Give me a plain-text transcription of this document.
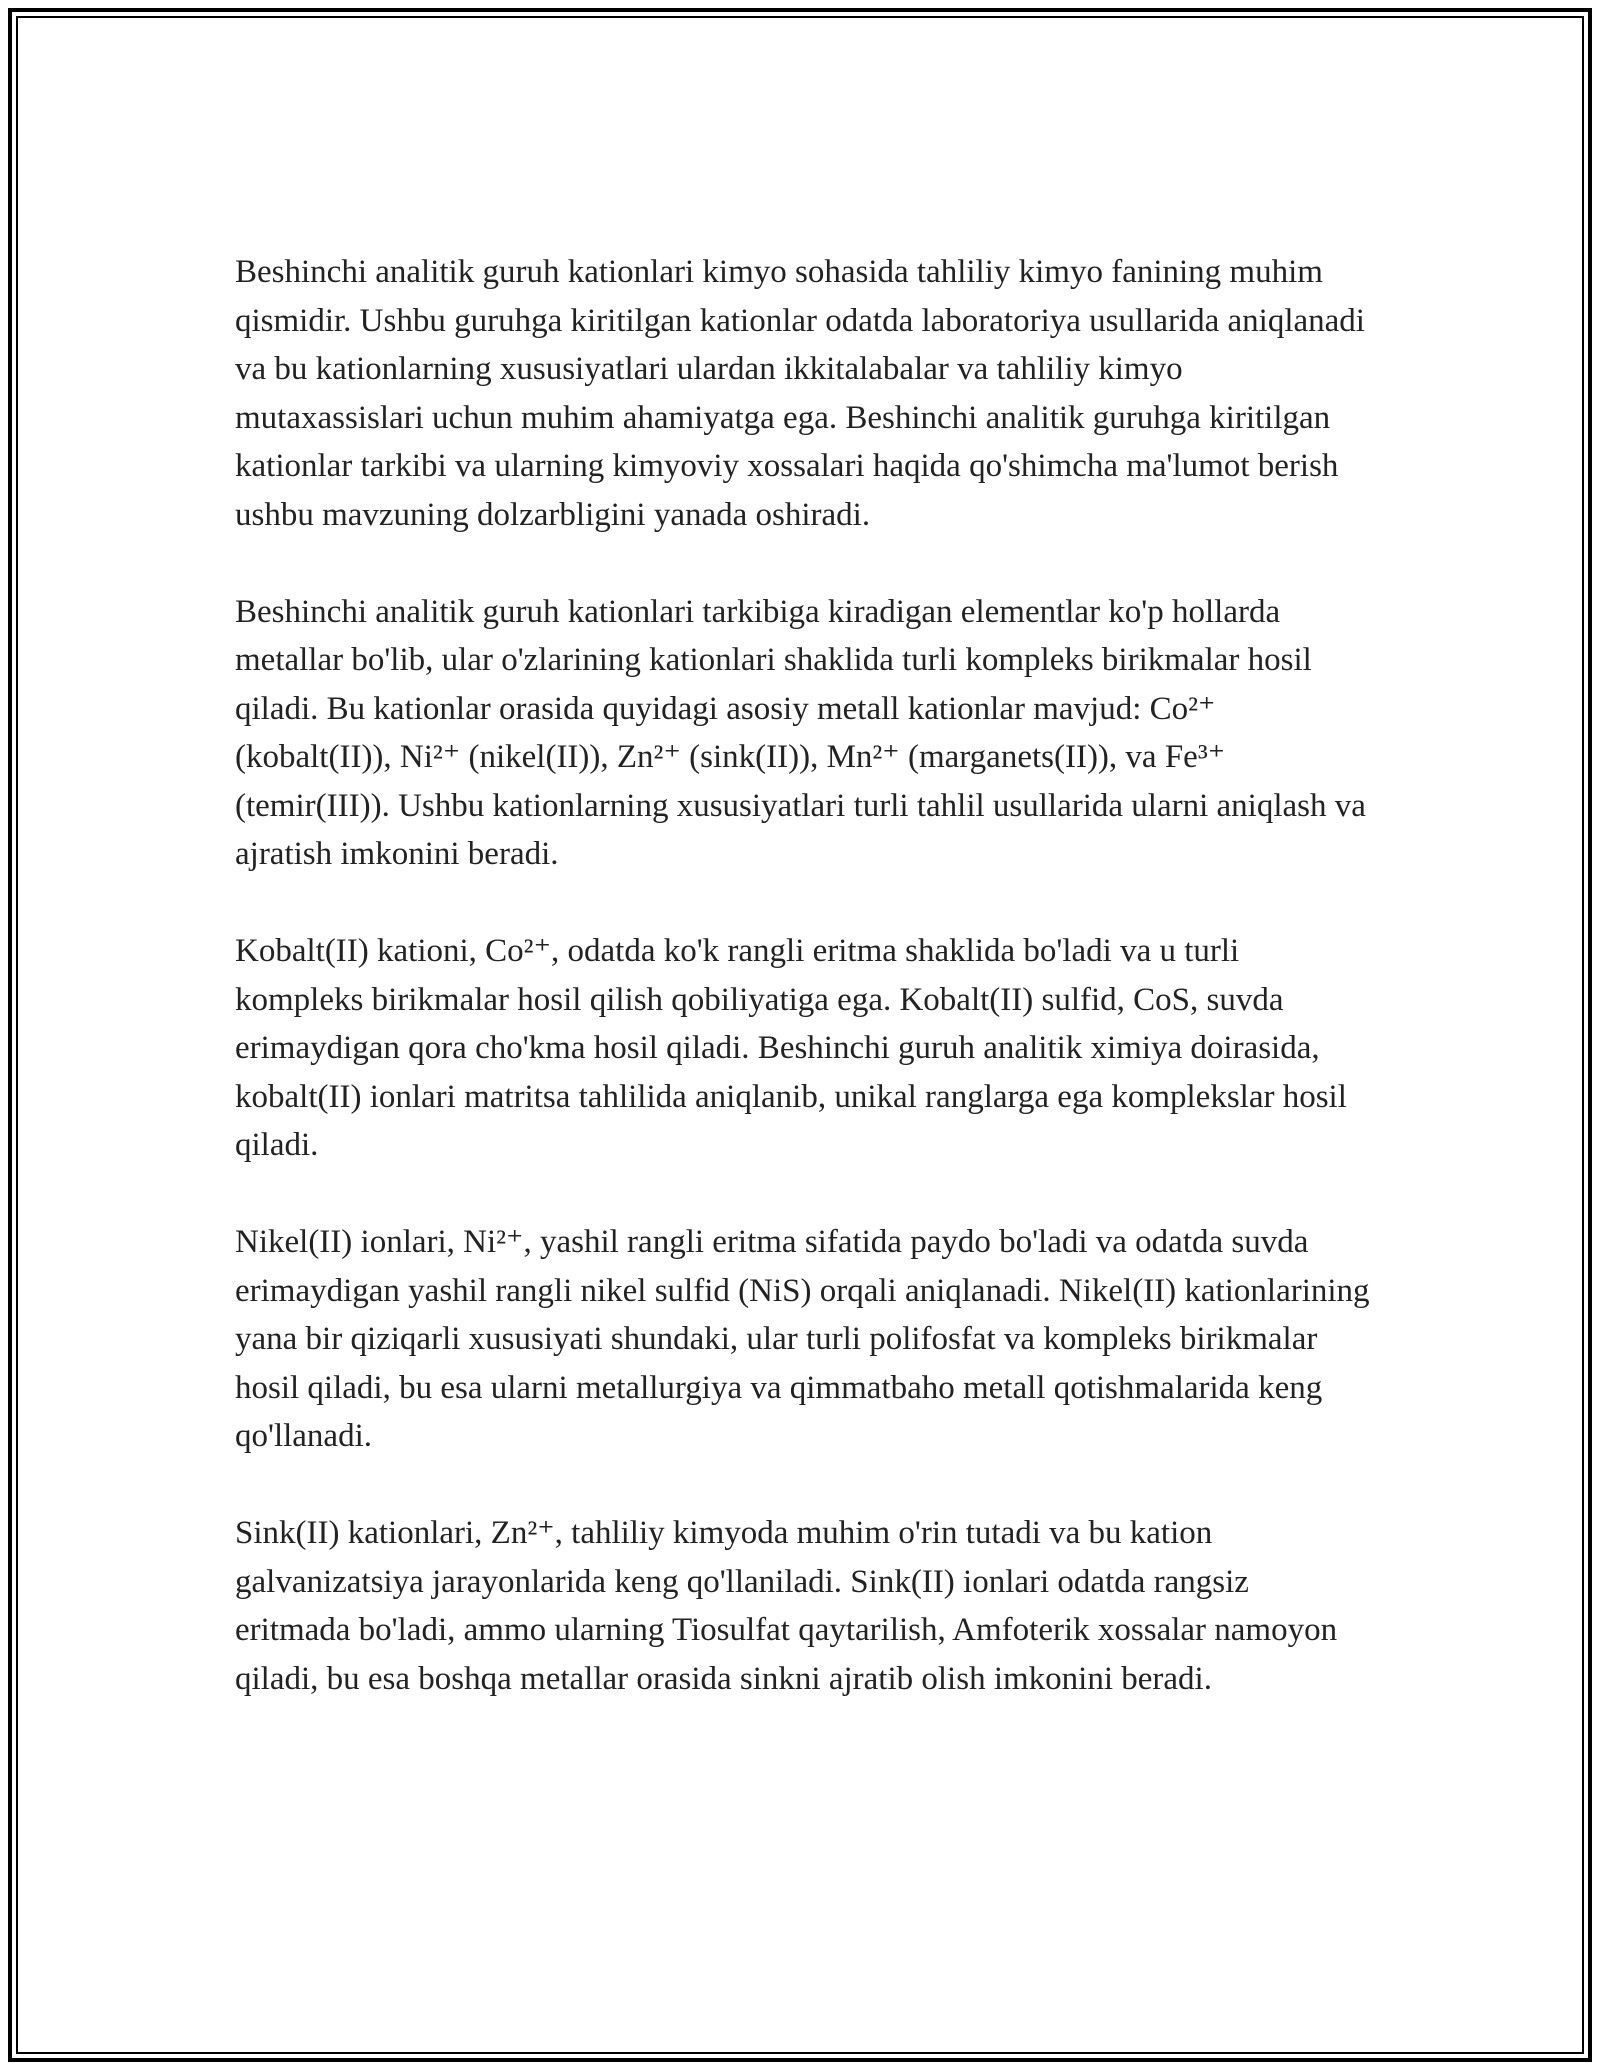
Beshinchi analitik guruh kationlari kimyo sohasida tahliliy kimyo fanining muhim qismidir. Ushbu guruhga kiritilgan kationlar odatda laboratoriya usullarida aniqlanadi va bu kationlarning xususiyatlari ulardan ikkitalabalar va tahliliy kimyo mutaxassislari uchun muhim ahamiyatga ega. Beshinchi analitik guruhga kiritilgan kationlar tarkibi va ularning kimyoviy xossalari haqida qo'shimcha ma'lumot berish ushbu mavzuning dolzarbligini yanada oshiradi.

Beshinchi analitik guruh kationlari tarkibiga kiradigan elementlar ko'p hollarda metallar bo'lib, ular o'zlarining kationlari shaklida turli kompleks birikmalar hosil qiladi. Bu kationlar orasida quyidagi asosiy metall kationlar mavjud: Co²⁺ (kobalt(II)), Ni²⁺ (nikel(II)), Zn²⁺ (sink(II)), Mn²⁺ (marganets(II)), va Fe³⁺ (temir(III)). Ushbu kationlarning xususiyatlari turli tahlil usullarida ularni aniqlash va ajratish imkonini beradi.

Kobalt(II) kationi, Co²⁺, odatda ko'k rangli eritma shaklida bo'ladi va u turli kompleks birikmalar hosil qilish qobiliyatiga ega. Kobalt(II) sulfid, CoS, suvda erimaydigan qora cho'kma hosil qiladi. Beshinchi guruh analitik ximiya doirasida, kobalt(II) ionlari matritsa tahlilida aniqlanib, unikal ranglarga ega komplekslar hosil qiladi.

Nikel(II) ionlari, Ni²⁺, yashil rangli eritma sifatida paydo bo'ladi va odatda suvda erimaydigan yashil rangli nikel sulfid (NiS) orqali aniqlanadi. Nikel(II) kationlarining yana bir qiziqarli xususiyati shundaki, ular turli polifosfat va kompleks birikmalar hosil qiladi, bu esa ularni metallurgiya va qimmatbaho metall qotishmalarida keng qo'llanadi.

Sink(II) kationlari, Zn²⁺, tahliliy kimyoda muhim o'rin tutadi va bu kation galvanizatsiya jarayonlarida keng qo'llaniladi. Sink(II) ionlari odatda rangsiz eritmada bo'ladi, ammo ularning Tiosulfat qaytarilish, Amfoterik xossalar namoyon qiladi, bu esa boshqa metallar orasida sinkni ajratib olish imkonini beradi.
